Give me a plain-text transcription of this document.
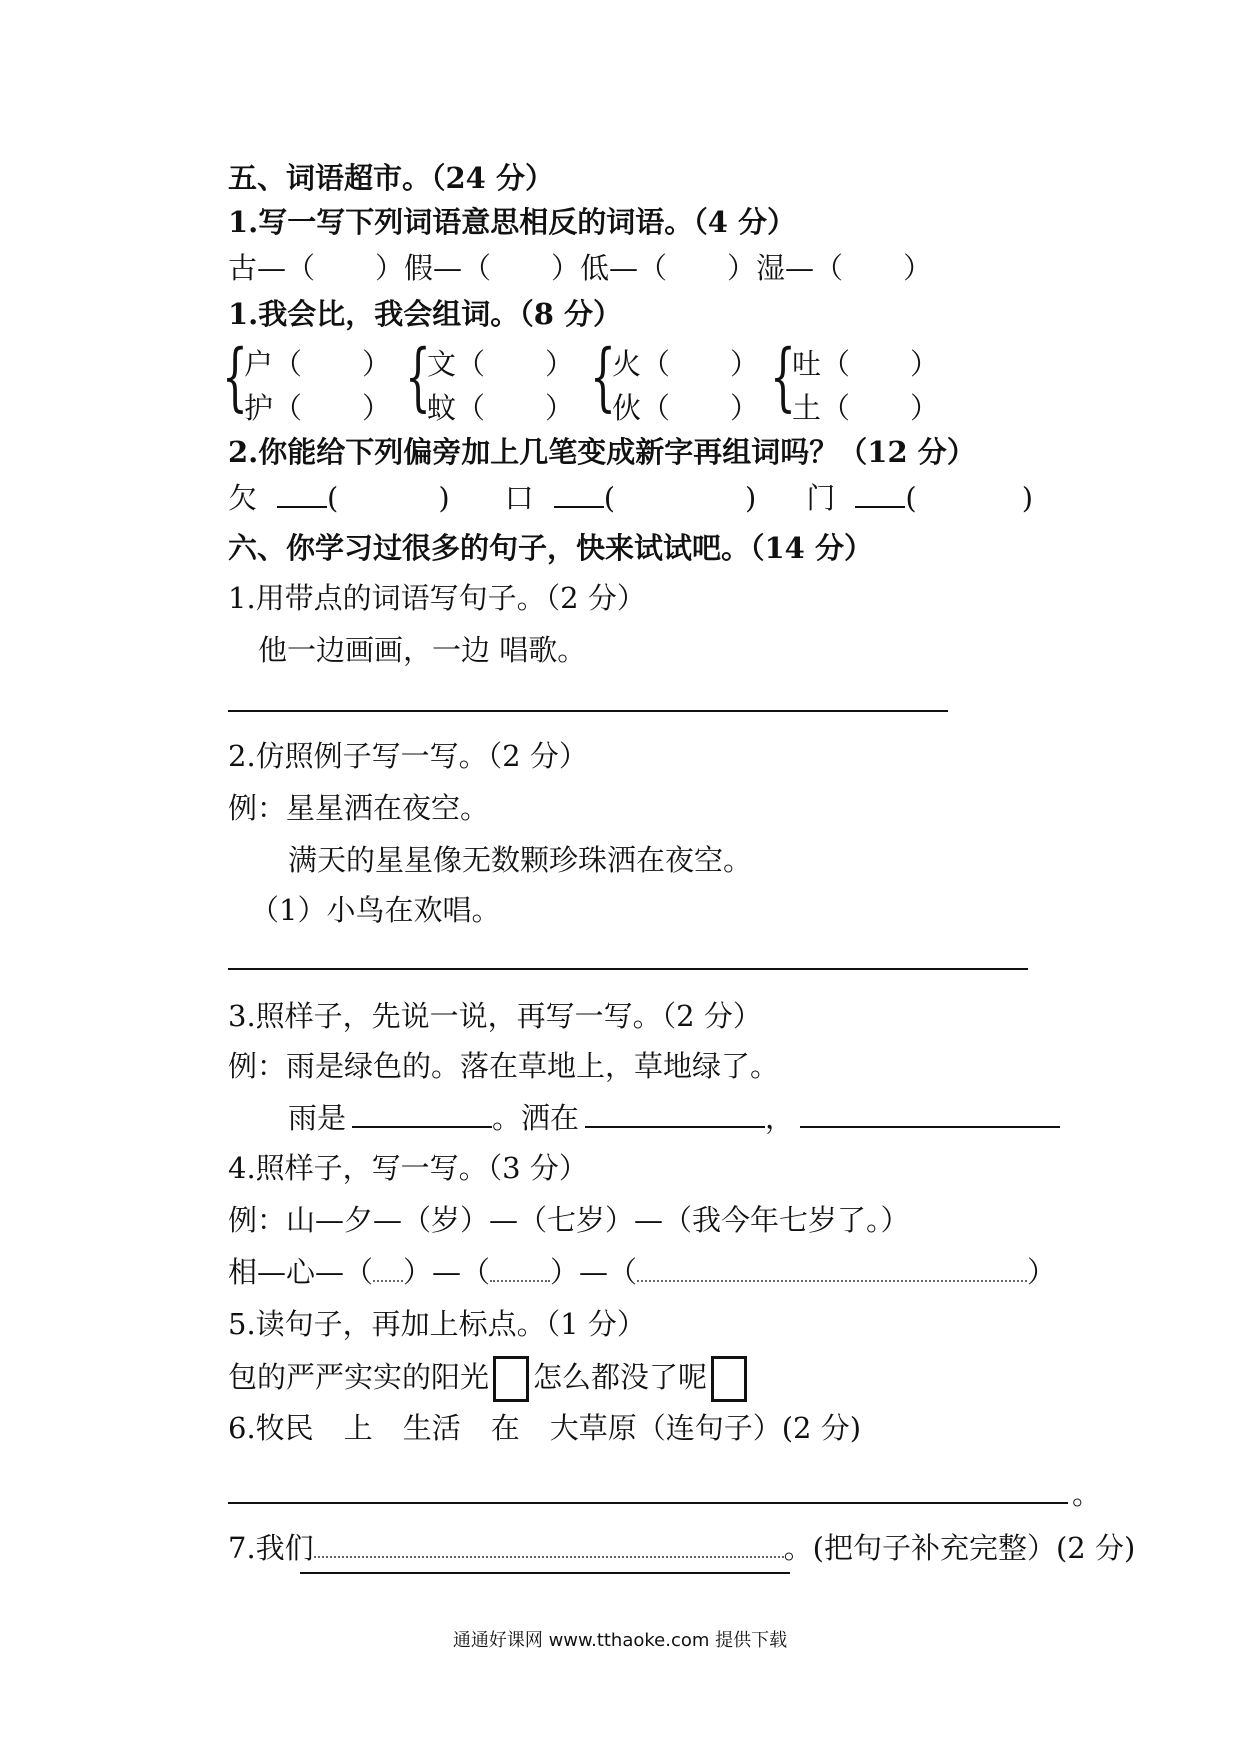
五、词语超市。（24 分）
1.写一写下列词语意思相反的词语。（4 分）
古—（ ）假—（ ）低—（ ）湿—（ ）
1.我会比，我会组词。（8 分）
{
户（ ）
护（ ） {
文（ ）
蚊（ ） {
火（ ）
伙（ ） {
吐（ ）
土（ ）
2.你能给下列偏旁加上几笔变成新字再组词吗？（12 分）
欠 (	) 口 (	) 门 (	)
六、你学习过很多的句子，快来试试吧。（14 分）
1.用带点的词语写句子。（2 分）
他一边画画，一边 唱歌。
2.仿照例子写一写。（2 分）
例：星星洒在夜空。
满天的星星像无数颗珍珠洒在夜空。
（1）小鸟在欢唱。
3.照样子，先说一说，再写一写。（2 分）
例：雨是绿色的。落在草地上，草地绿了。
雨是	。洒在	，
4.照样子，写一写。（3 分）
例：山—夕—（岁）—（七岁）—（我今年七岁了。）
相—心—（ ）—（ ）—（	）
5.读句子，再加上标点。（1 分）
包的严严实实的阳光 怎么都没了呢
6.牧民 上 生活 在 大草原（连句子）(2 分)
。
7.我们	。(把句子补充完整）(2 分)
通通好课网 www.tthaoke.com 提供下载
